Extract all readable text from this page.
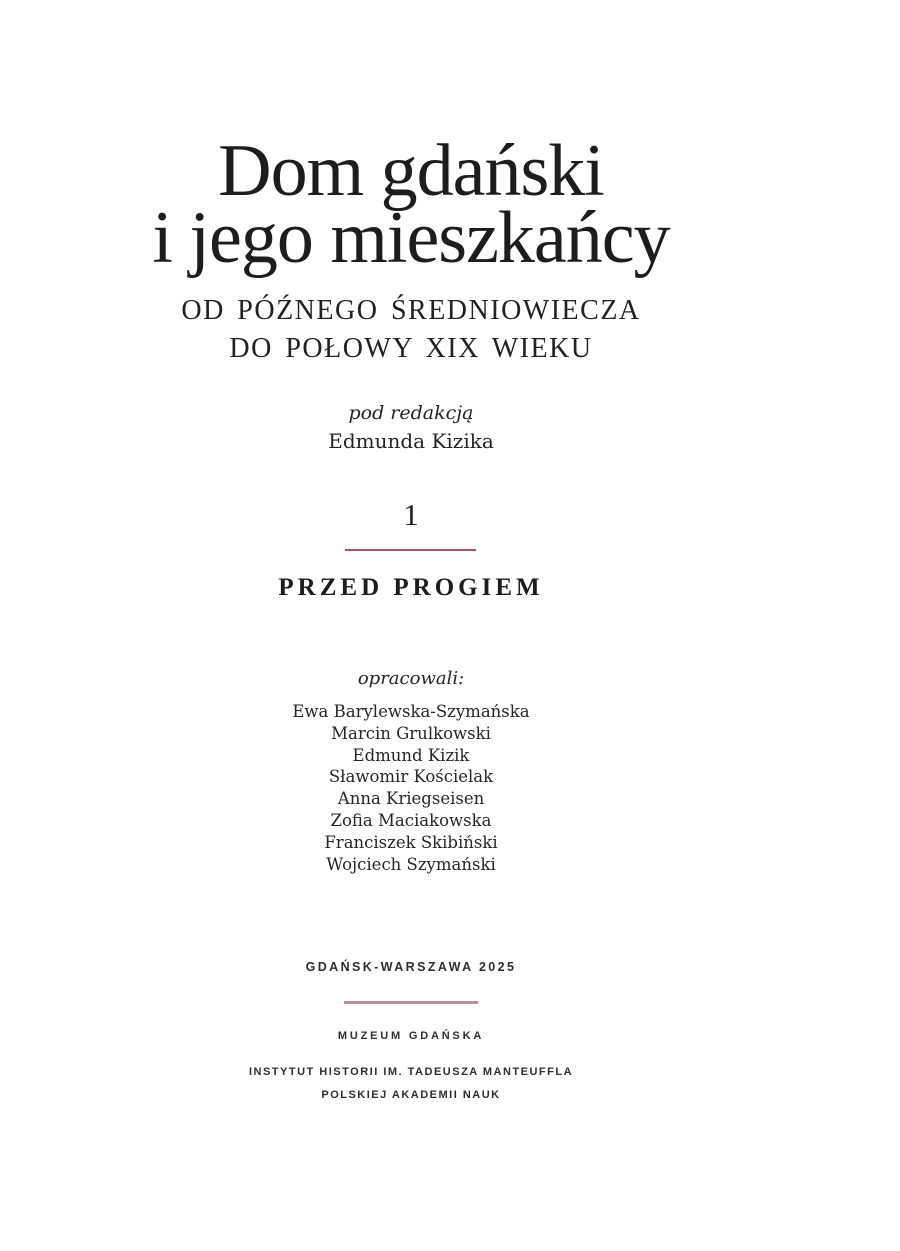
Dom gdański
i jego mieszkańcy
OD PÓŹNEGO ŚREDNIOWIECZA
DO POŁOWY XIX WIEKU
pod redakcją
Edmunda Kizika
1
PRZED PROGIEM
opracowali:
Ewa Barylewska-Szymańska
Marcin Grulkowski
Edmund Kizik
Sławomir Kościelak
Anna Kriegseisen
Zofia Maciakowska
Franciszek Skibiński
Wojciech Szymański
GDAŃSK-WARSZAWA 2025
MUZEUM GDAŃSKA
INSTYTUT HISTORII IM. TADEUSZA MANTEUFFLA
POLSKIEJ AKADEMII NAUK
